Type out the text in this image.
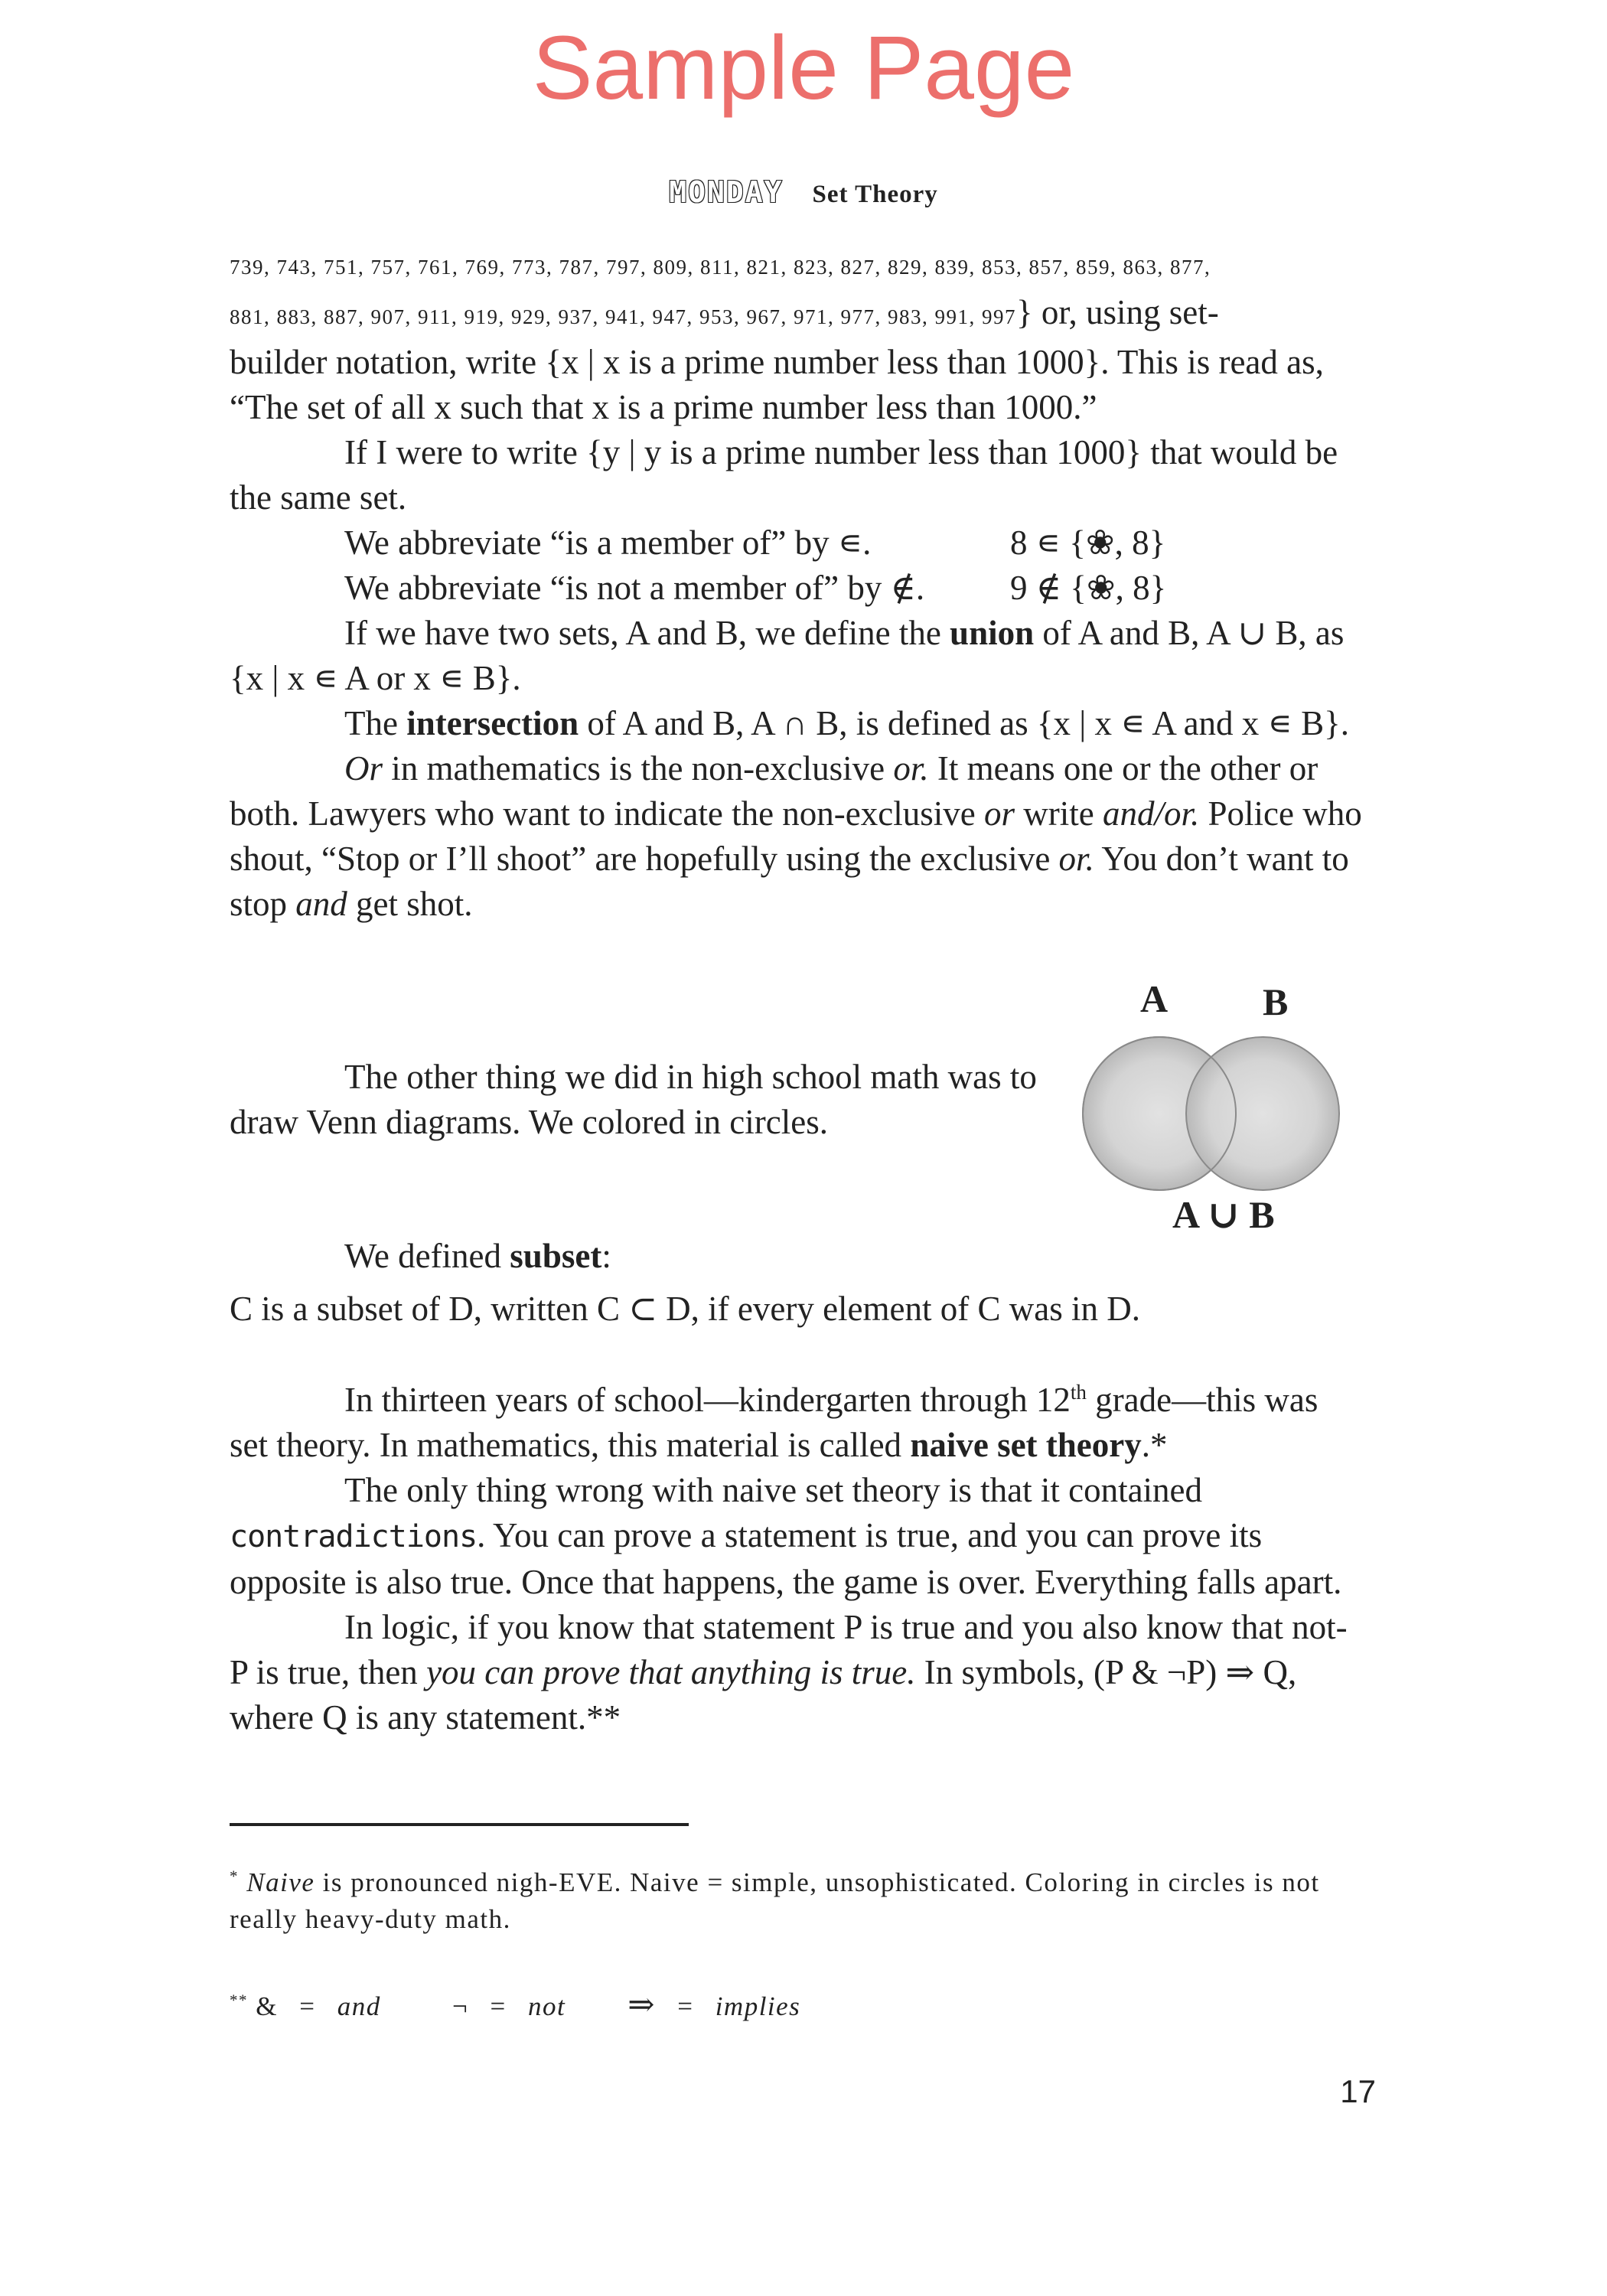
Sample Page
MONDAY Set Theory

739, 743, 751, 757, 761, 769, 773, 787, 797, 809, 811, 821, 823, 827, 829, 839, 853, 857, 859, 863, 877,

881, 883, 887, 907, 911, 919, 929, 937, 941, 947, 953, 967, 971, 977, 983, 991, 997} or, using set-

builder notation, write {x | x is a prime number less than 1000}. This is read as, “The set of all x such that x is a prime number less than 1000.”

If I were to write {y | y is a prime number less than 1000} that would be the same set.

We abbreviate “is a member of” by ∊.	8 ∊ {❀, 8}
We abbreviate “is not a member of” by ∉.	9 ∉ {❀, 8}

If we have two sets, A and B, we define the union of A and B, A ∪ B, as {x | x ∊ A or x ∊ B}.

The intersection of A and B, A ∩ B, is defined as {x | x ∊ A and x ∊ B}.

Or in mathematics is the non-exclusive or. It means one or the other or both. Lawyers who want to indicate the non-exclusive or write and/or. Police who shout, “Stop or I’ll shoot” are hopefully using the exclusive or. You don’t want to stop and get shot.

The other thing we did in high school math was to draw Venn diagrams. We colored in circles.

A B
A ∪ B

We defined subset:

C is a subset of D, written C ⊂ D, if every element of C was in D.

In thirteen years of school—kindergarten through 12th grade—this was set theory. In mathematics, this material is called naive set theory.*

The only thing wrong with naive set theory is that it contained contradictions. You can prove a statement is true, and you can prove its opposite is also true. Once that happens, the game is over. Everything falls apart.

In logic, if you know that statement P is true and you also know that not-P is true, then you can prove that anything is true. In symbols, (P & ¬P) ⇒ Q, where Q is any statement.**

* Naive is pronounced nigh-EVE. Naive = simple, unsophisticated. Coloring in circles is not really heavy-duty math.

** & = and	¬ = not ⇒ = implies

17
